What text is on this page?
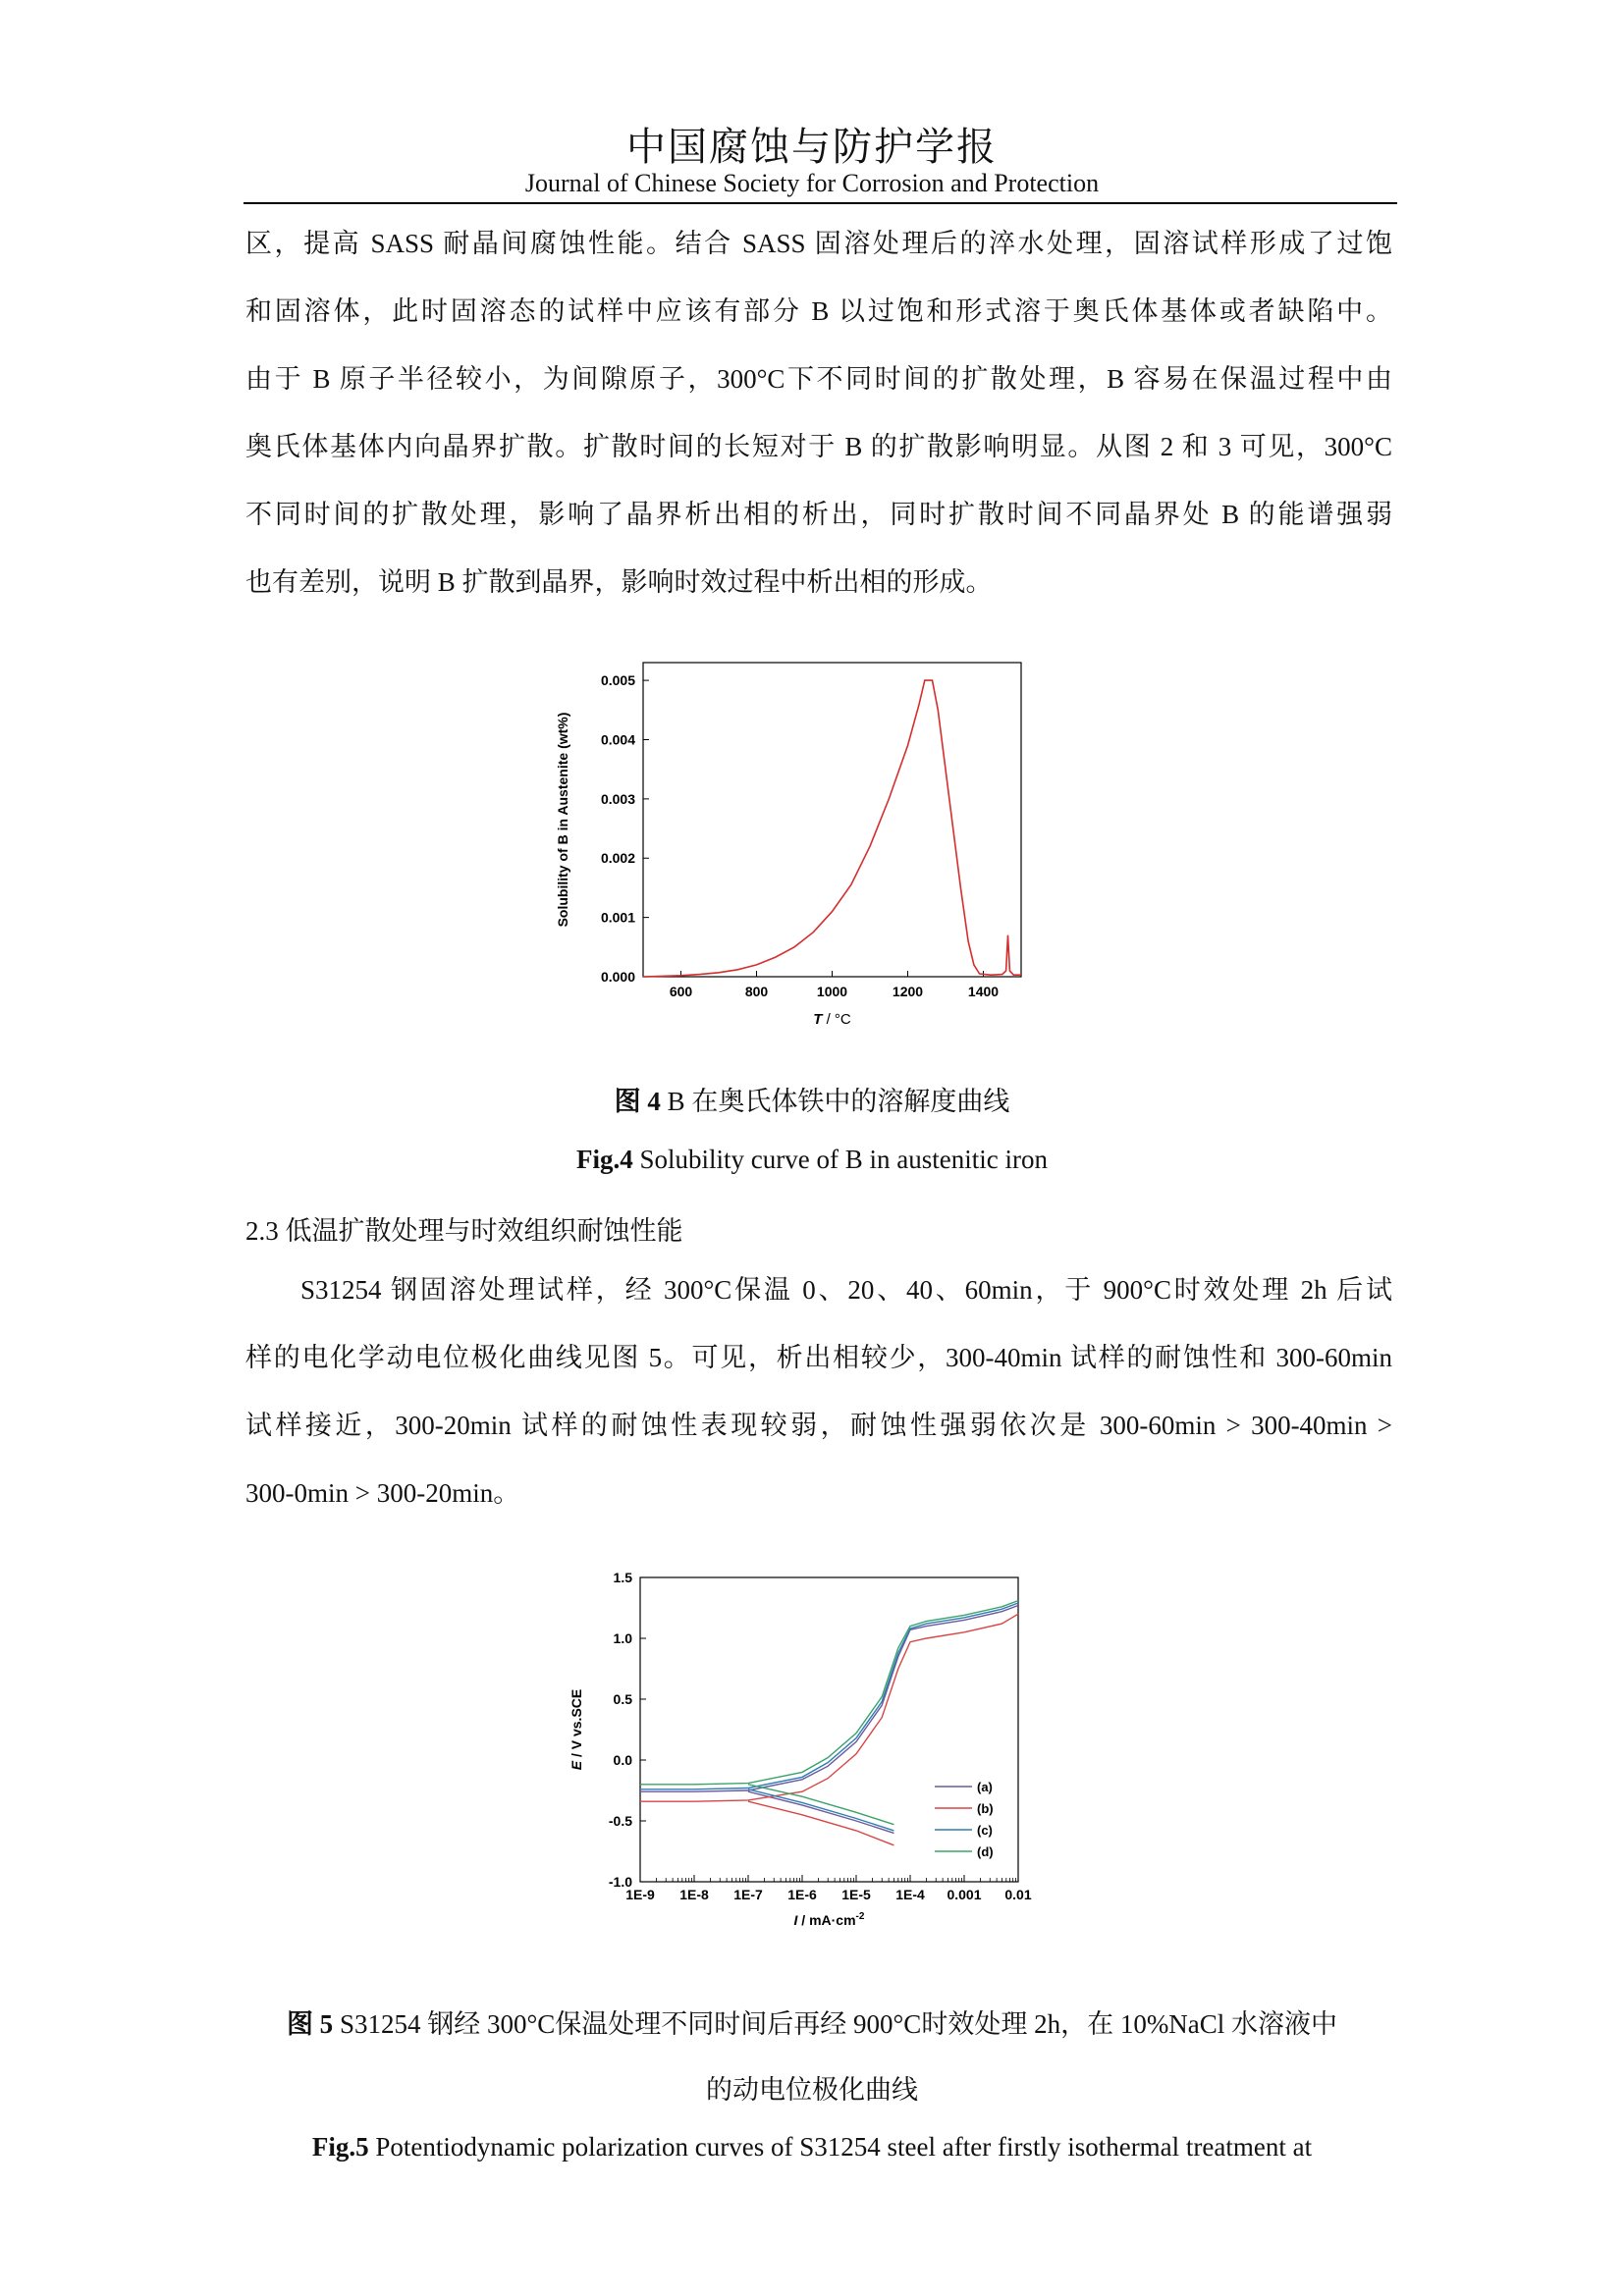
中国腐蚀与防护学报
Journal of Chinese Society for Corrosion and Protection
区，提高 SASS 耐晶间腐蚀性能。结合 SASS 固溶处理后的淬水处理，固溶试样形成了过饱
和固溶体，此时固溶态的试样中应该有部分 B 以过饱和形式溶于奥氏体基体或者缺陷中。
由于 B 原子半径较小，为间隙原子，300°C下不同时间的扩散处理，B 容易在保温过程中由
奥氏体基体内向晶界扩散。扩散时间的长短对于 B 的扩散影响明显。从图 2 和 3 可见，300°C
不同时间的扩散处理，影响了晶界析出相的析出，同时扩散时间不同晶界处 B 的能谱强弱
也有差别，说明 B 扩散到晶界，影响时效过程中析出相的形成。
600	800	1000	1200	1400
0.000
0.001
0.002
0.003
0.004
0.005
T / °C
Solubility of B in Austenite (wt%)
图 4 B 在奥氏体铁中的溶解度曲线
Fig.4 Solubility curve of B in austenitic iron
2.3 低温扩散处理与时效组织耐蚀性能
S31254 钢固溶处理试样，经 300°C保温 0、20、40、60min，于 900°C时效处理 2h 后试
样的电化学动电位极化曲线见图 5。可见，析出相较少，300-40min 试样的耐蚀性和 300-60min
试样接近，300-20min 试样的耐蚀性表现较弱，耐蚀性强弱依次是 300-60min > 300-40min >
300-0min > 300-20min。
1E-9 1E-8 1E-7 1E-6 1E-5 1E-4 0.001 0.01
-1.0
-0.5
0.0
0.5
1.0
1.5
$I / mA\cdot cm^{-2}$
E / V vs.SCE
(a)
(b)
(c)
(d)
图 5 S31254 钢经 300°C保温处理不同时间后再经 900°C时效处理 2h，在 10%NaCl 水溶液中
的动电位极化曲线
Fig.5 Potentiodynamic polarization curves of S31254 steel after firstly isothermal treatment at
